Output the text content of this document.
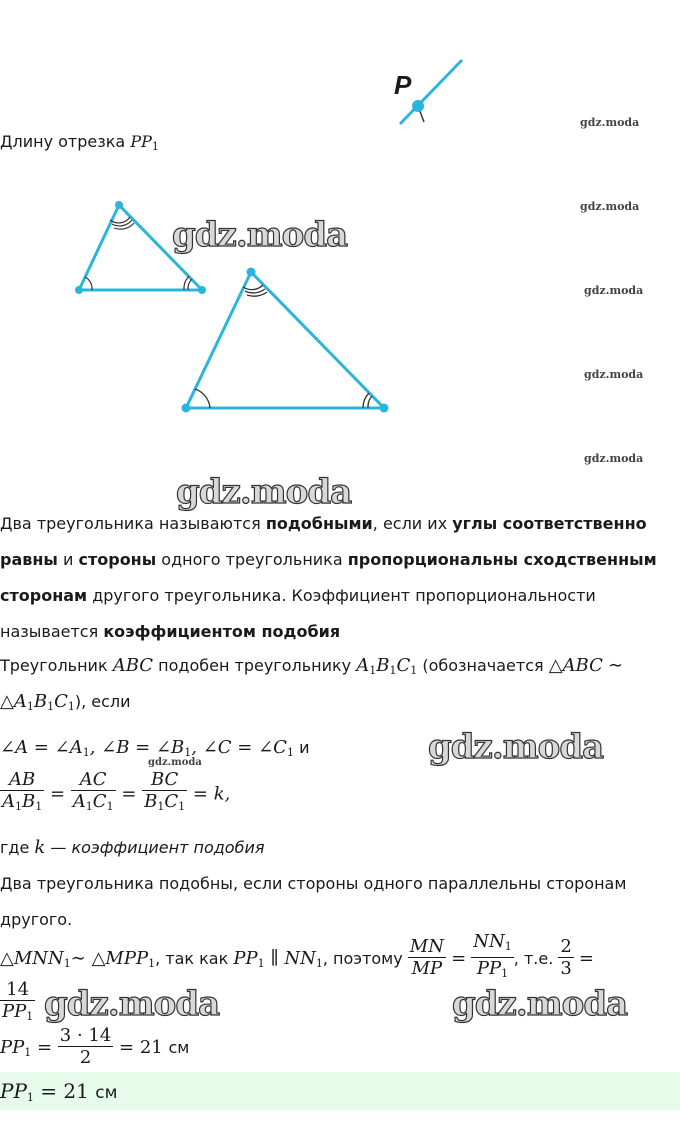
gdz.moda
gdz.moda
gdz.moda
gdz.moda
gdz.moda
P
Длину отрезка $PP_1$
gdz.moda
gdz.moda
gdz.moda
gdz.moda	gdz.moda
Два треугольника называются подобными, если их углы соответственно
равны и стороны одного треугольника пропорциональны сходственным
сторонам другого треугольника. Коэффициент пропорциональности
называется коэффициентом подобия
Треугольник ABC подобен треугольнику $A_1B_1C_1$ (обозначается △ABC ∼
$\triangle A_1B_1C_1$), если
∠A = $\angle A_1$, ∠B = $\angle B_1$, ∠C = $\angle C_1$ и
gdz.moda
$\frac{AB}{A_1B_1} = \frac{AC}{A_1C_1} = \frac{BC}{B_1C_1} = k$,
где k — коэффициент подобия
Два треугольника подобны, если стороны одного параллельны сторонам
другого.
$\triangle MNN_1\sim$ $\triangle MPP_1$, так как $PP_1$ ∥ $NN_1$, поэтому $\frac{MN}{MP} = \frac{NN_1}{PP_1}$ , т.е. $\frac{2}{3}$ =
$\frac{14}{PP_1}$
$PP_1 = \frac{3 \cdot 14}{2} = 21$ см
$PP_1 = 21$ см
